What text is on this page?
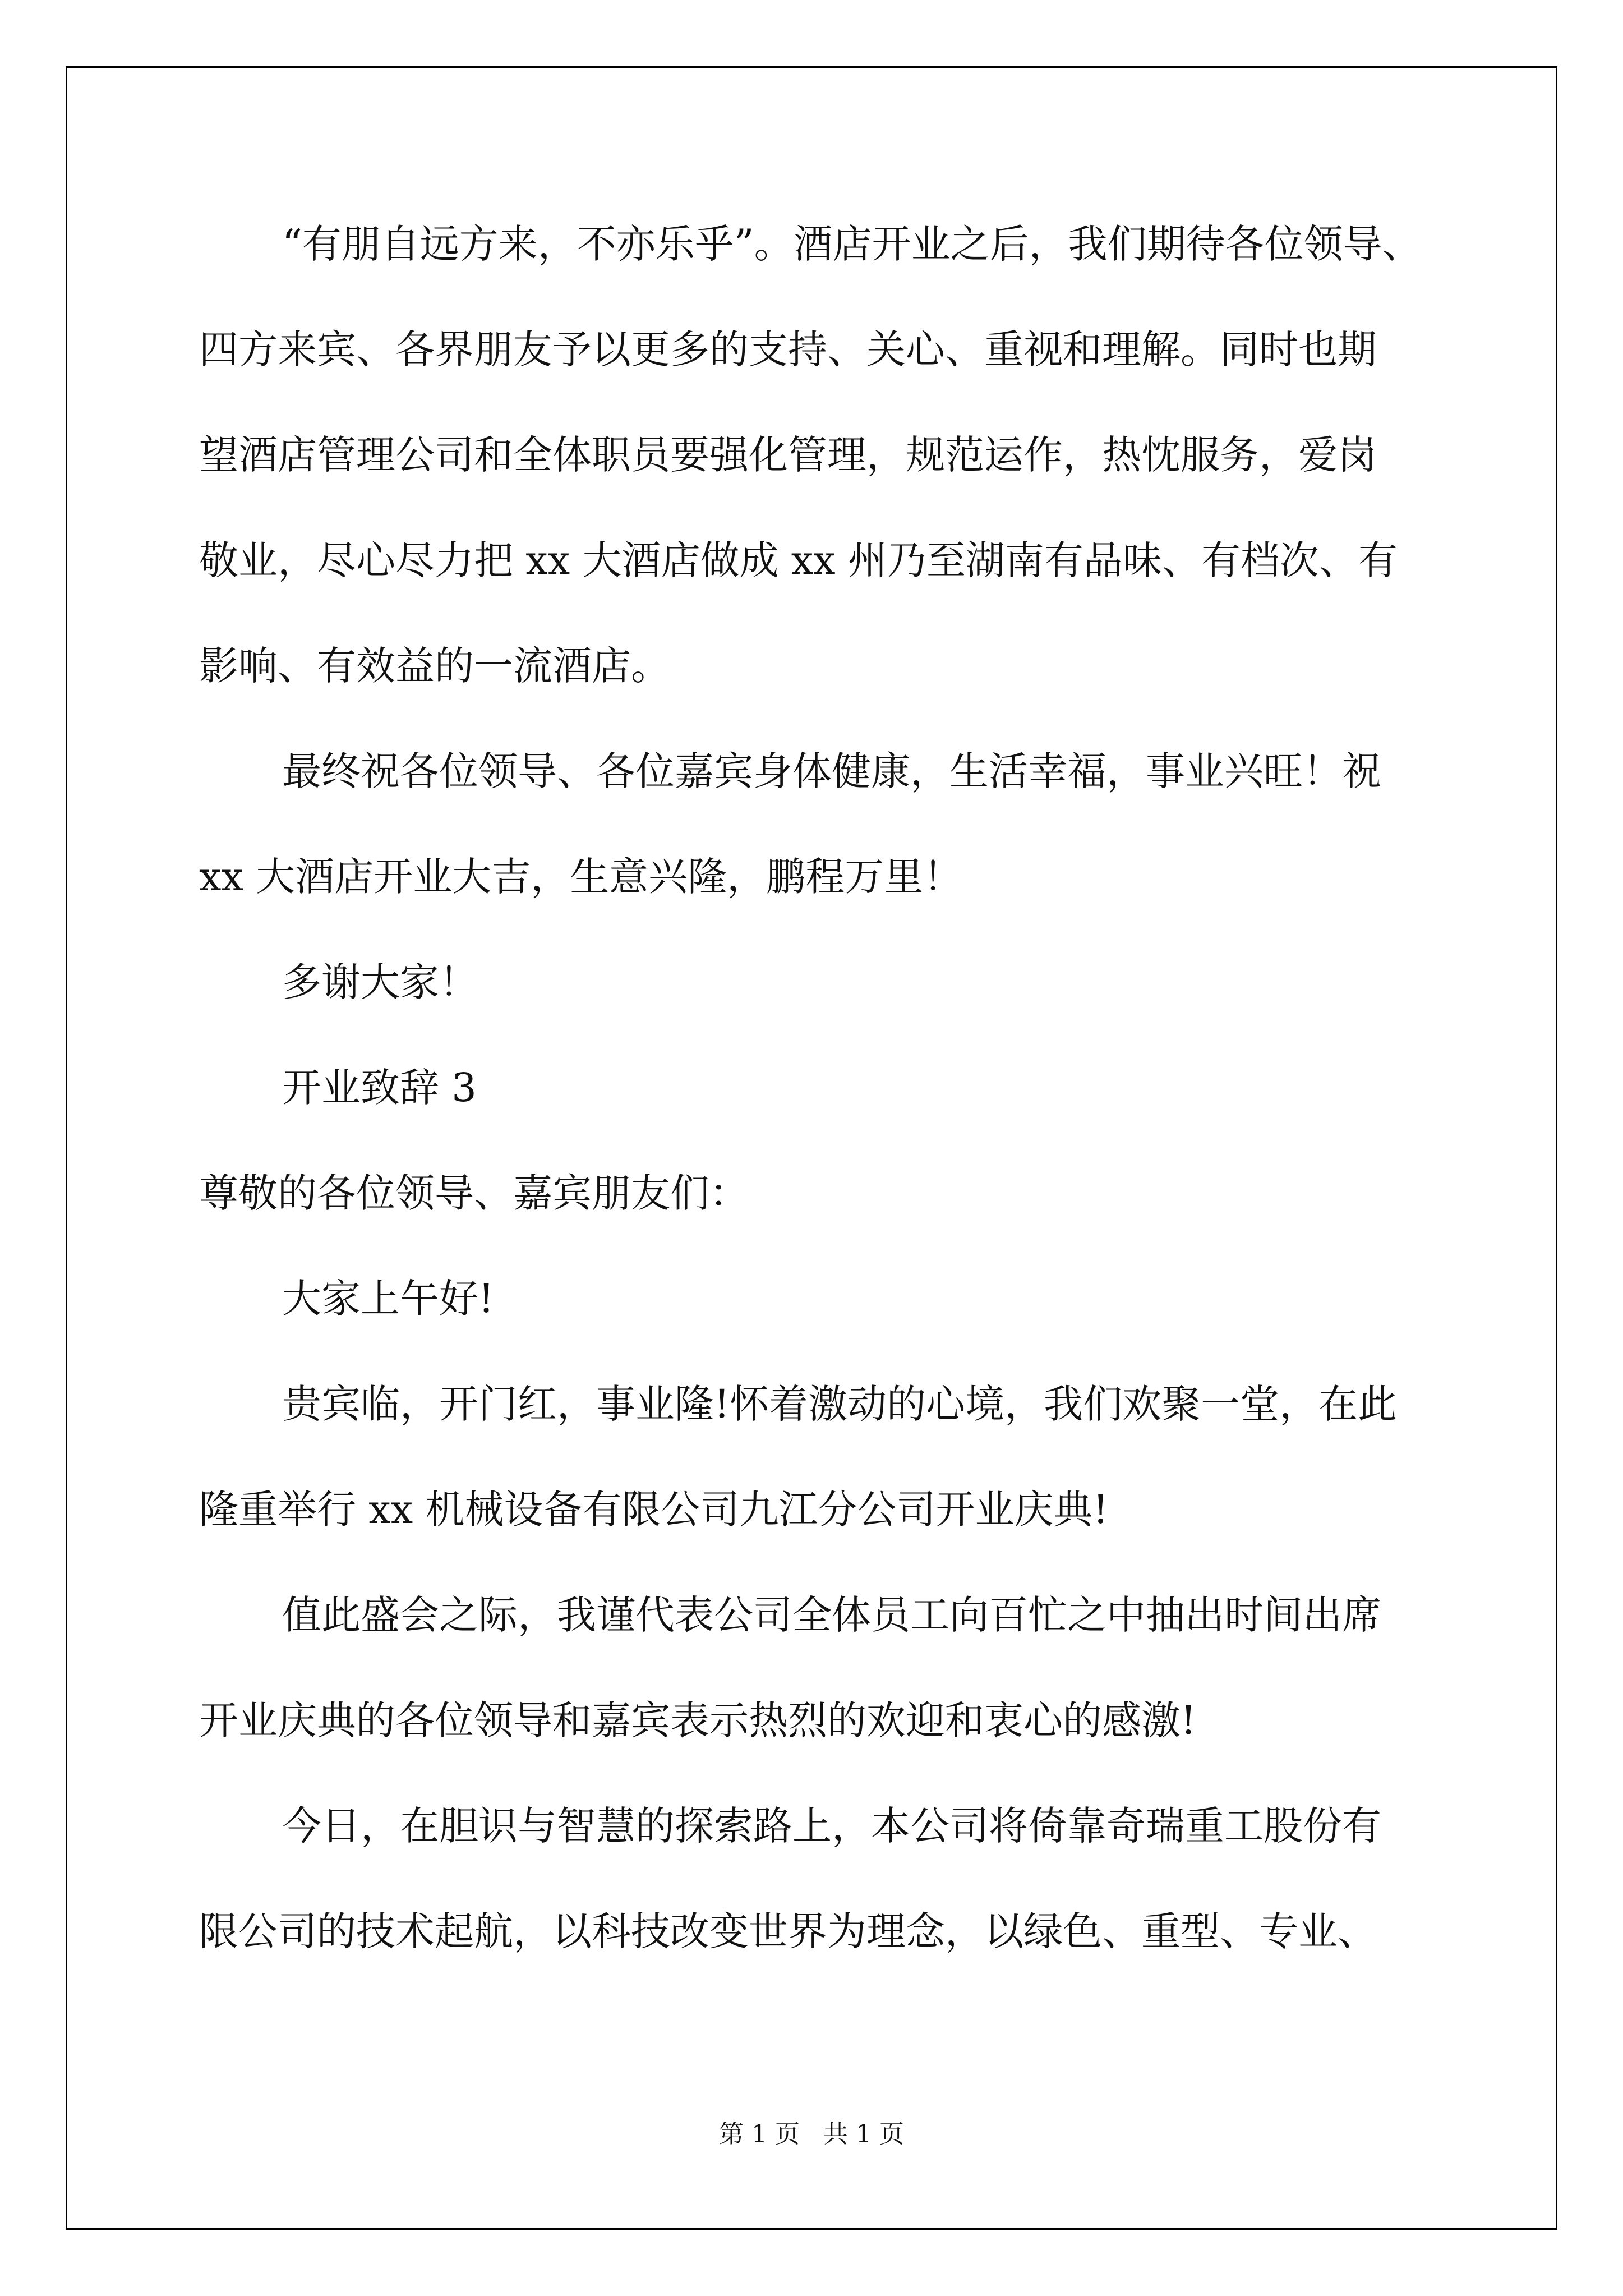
“有朋自远方来，不亦乐乎”。酒店开业之后，我们期待各位领导、
四方来宾、各界朋友予以更多的支持、关心、重视和理解。同时也期
望酒店管理公司和全体职员要强化管理，规范运作，热忱服务，爱岗
敬业，尽心尽力把 xx 大酒店做成 xx 州乃至湖南有品味、有档次、有
影响、有效益的一流酒店。
最终祝各位领导、各位嘉宾身体健康，生活幸福，事业兴旺！祝
xx 大酒店开业大吉，生意兴隆，鹏程万里！
多谢大家！
开业致辞 3
尊敬的各位领导、嘉宾朋友们：
大家上午好!
贵宾临，开门红，事业隆!怀着激动的心境，我们欢聚一堂，在此
隆重举行 xx 机械设备有限公司九江分公司开业庆典!
值此盛会之际，我谨代表公司全体员工向百忙之中抽出时间出席
开业庆典的各位领导和嘉宾表示热烈的欢迎和衷心的感激!
今日，在胆识与智慧的探索路上，本公司将倚靠奇瑞重工股份有
限公司的技术起航，以科技改变世界为理念，以绿色、重型、专业、
第 1 页 共 1 页
